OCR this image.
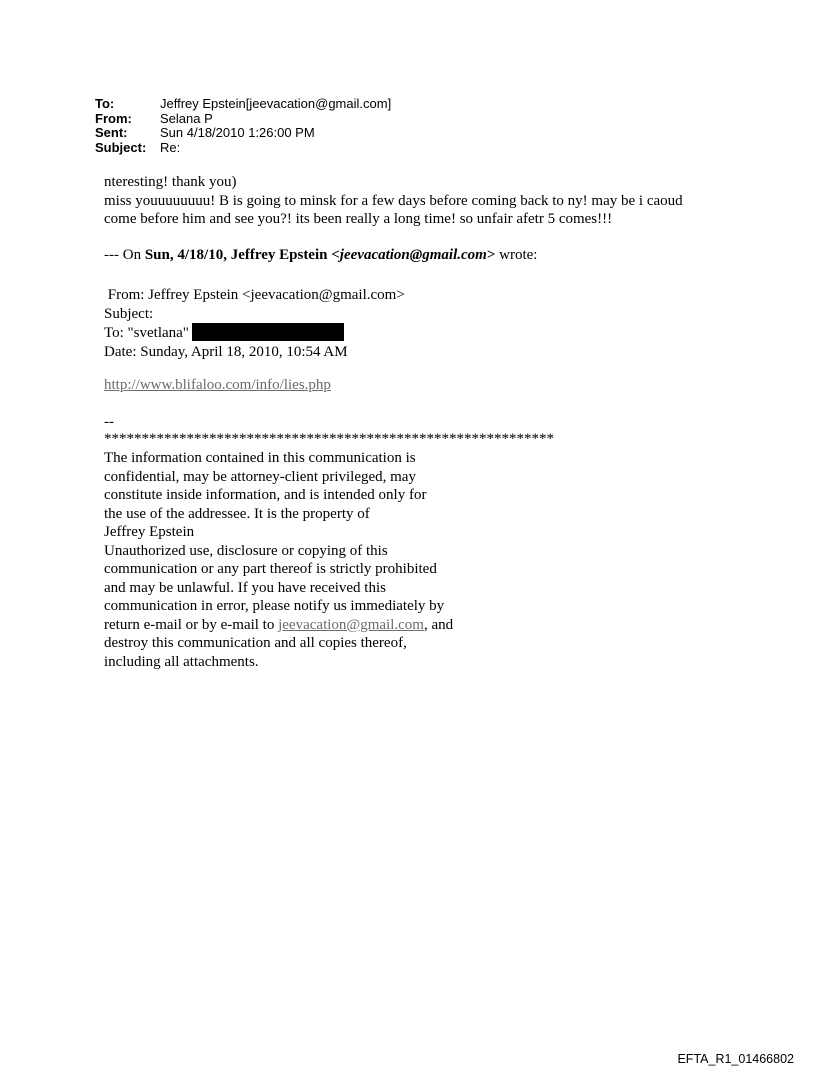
To:	Jeffrey Epstein[jeevacation@gmail.com]
From:	Selana P
Sent:	Sun 4/18/2010 1:26:00 PM
Subject:	Re:
nteresting! thank you)
miss youuuuuuuu! B is going to minsk for a few days before coming back to ny! may be i caoud
come before him and see you?! its been really a long time! so unfair afetr 5 comes!!!
--- On Sun, 4/18/10, Jeffrey Epstein <jeevacation@gmail.com> wrote:
From: Jeffrey Epstein <jeevacation@gmail.com>
Subject:
To: "svetlana"
Date: Sunday, April 18, 2010, 10:54 AM
http://www.blifaloo.com/info/lies.php
--
************************************************************
The information contained in this communication is
confidential, may be attorney-client privileged, may
constitute inside information, and is intended only for
the use of the addressee. It is the property of
Jeffrey Epstein
Unauthorized use, disclosure or copying of this
communication or any part thereof is strictly prohibited
and may be unlawful. If you have received this
communication in error, please notify us immediately by
return e-mail or by e-mail to jeevacation@gmail.com, and
destroy this communication and all copies thereof,
including all attachments.
EFTA_R1_01466802
